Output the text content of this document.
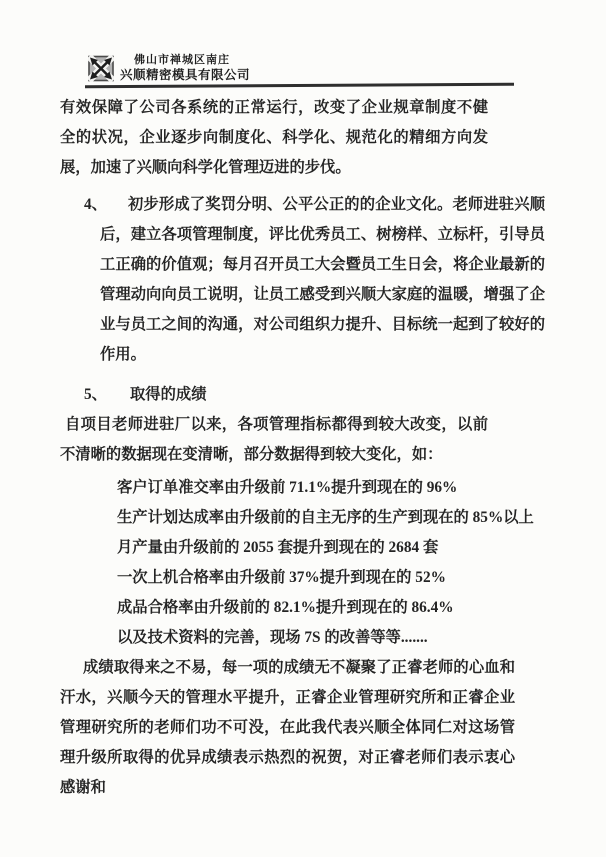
佛山市禅城区南庄
兴顺精密模具有限公司

有效保障了公司各系统的正常运行，改变了企业规章制度不健全的状况，企业逐步向制度化、科学化、规范化的精细方向发展，加速了兴顺向科学化管理迈进的步伐。

4、	初步形成了奖罚分明、公平公正的的企业文化。老师进驻兴顺后，建立各项管理制度，评比优秀员工、树榜样、立标杆，引导员工正确的价值观；每月召开员工大会暨员工生日会，将企业最新的管理动向向员工说明，让员工感受到兴顺大家庭的温暖，增强了企业与员工之间的沟通，对公司组织力提升、目标统一起到了较好的作用。

5、 取得的成绩

自项目老师进驻厂以来，各项管理指标都得到较大改变，以前不清晰的数据现在变清晰，部分数据得到较大变化，如：

客户订单准交率由升级前 71.1%提升到现在的 96%
生产计划达成率由升级前的自主无序的生产到现在的 85%以上
月产量由升级前的 2055 套提升到现在的 2684 套
一次上机合格率由升级前 37%提升到现在的 52%
成品合格率由升级前的 82.1%提升到现在的 86.4%
以及技术资料的完善，现场 7S 的改善等等.......

成绩取得来之不易，每一项的成绩无不凝聚了正睿老师的心血和汗水，兴顺今天的管理水平提升，正睿企业管理研究所和正睿企业管理研究所的老师们功不可没，在此我代表兴顺全体同仁对这场管理升级所取得的优异成绩表示热烈的祝贺，对正睿老师们表示衷心感谢和
